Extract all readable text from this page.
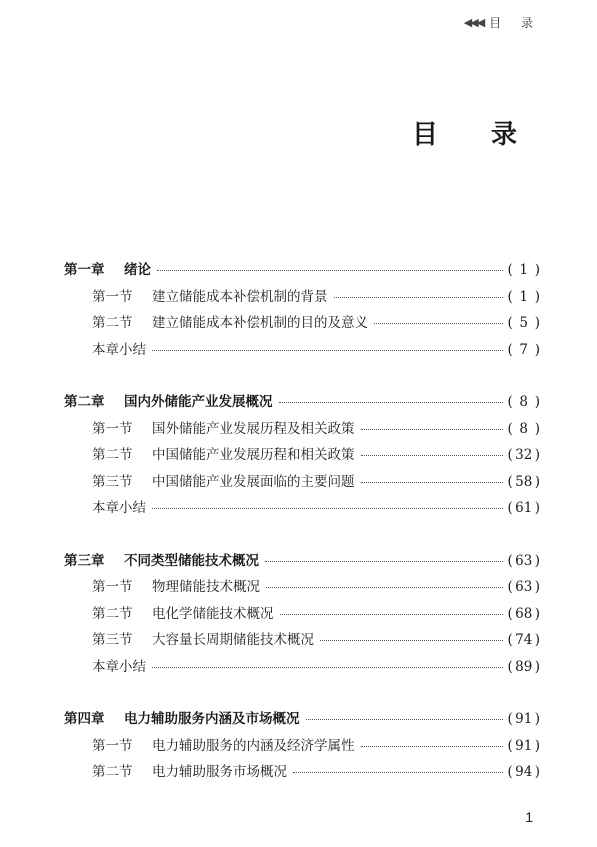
◀◀◀ 目 录
目 录
第一章	绪论	( 1 )
第一节	建立储能成本补偿机制的背景	( 1 )
第二节	建立储能成本补偿机制的目的及意义	( 5 )
本章小结	( 7 )
第二章	国内外储能产业发展概况	( 8 )
第一节	国外储能产业发展历程及相关政策	( 8 )
第二节	中国储能产业发展历程和相关政策	( 32 )
第三节	中国储能产业发展面临的主要问题	( 58 )
本章小结	( 61 )
第三章	不同类型储能技术概况	( 63 )
第一节	物理储能技术概况	( 63 )
第二节	电化学储能技术概况	( 68 )
第三节	大容量长周期储能技术概况	( 74 )
本章小结	( 89 )
第四章	电力辅助服务内涵及市场概况	( 91 )
第一节	电力辅助服务的内涵及经济学属性	( 91 )
第二节	电力辅助服务市场概况	( 94 )
1
